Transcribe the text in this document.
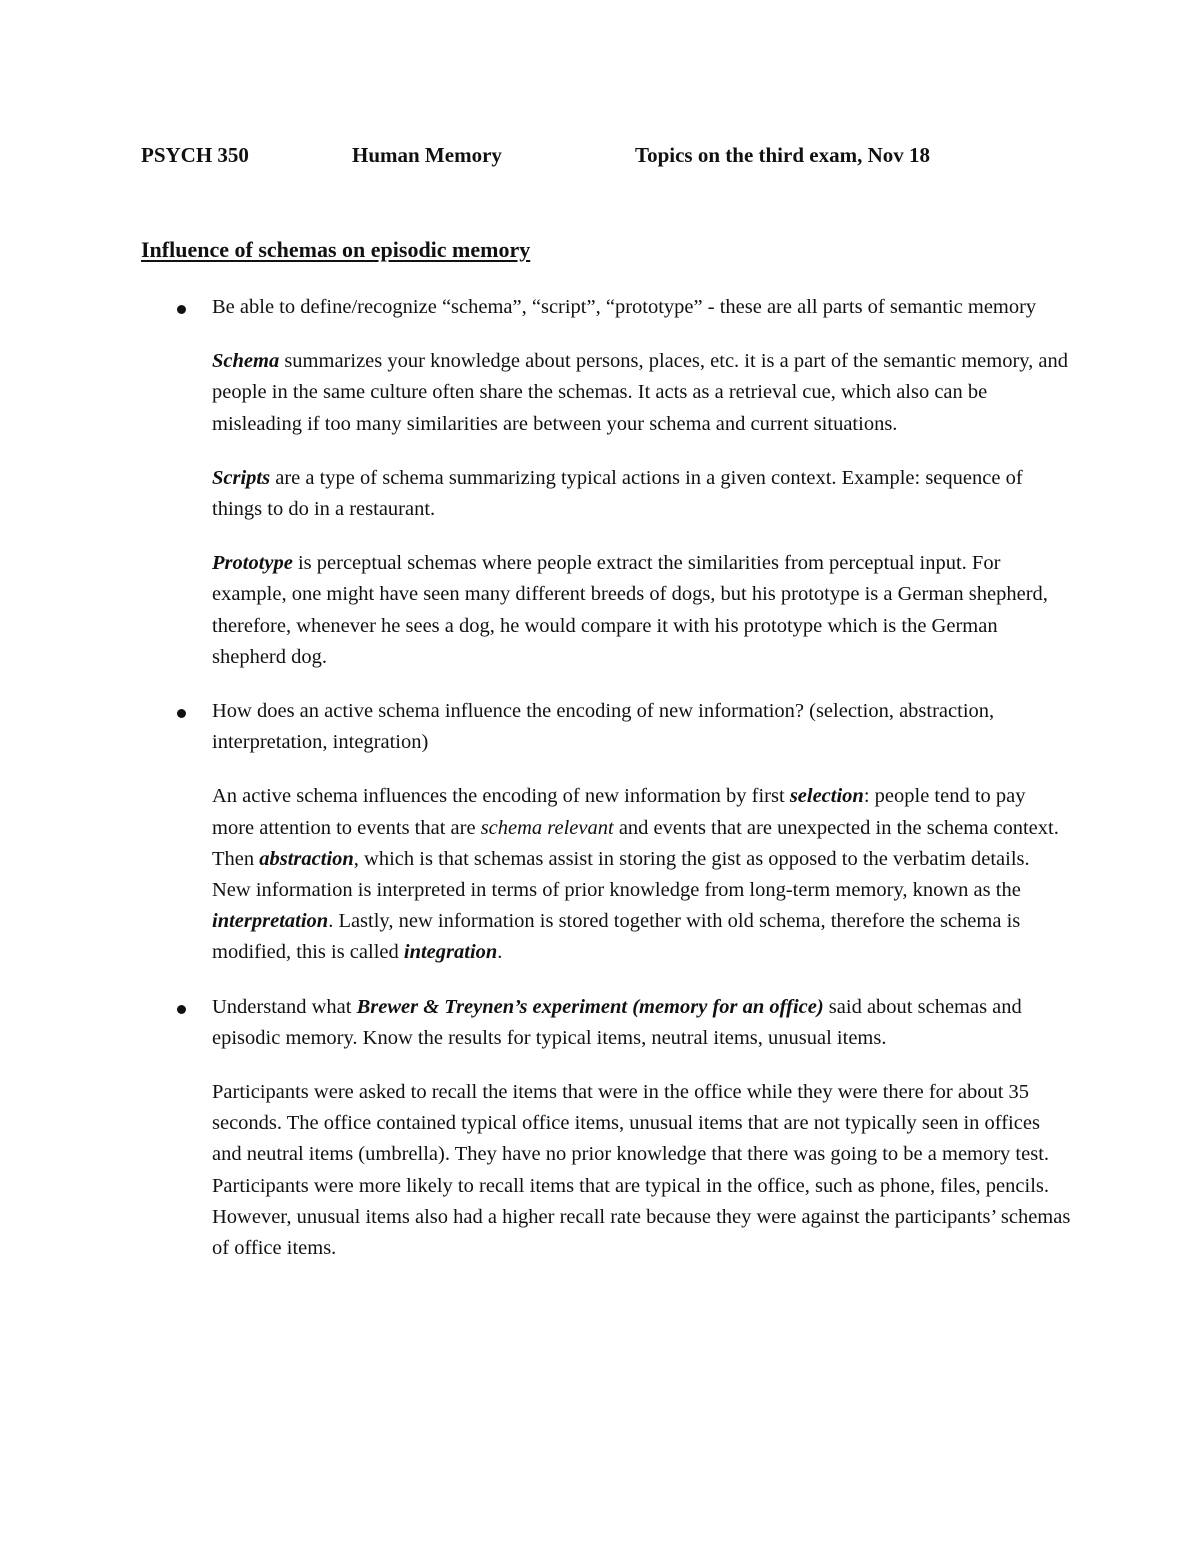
PSYCH 350	Human Memory	Topics on the third exam, Nov 18
Influence of schemas on episodic memory

Be able to define/recognize “schema”, “script”, “prototype” - these are all parts of semantic memory

Schema summarizes your knowledge about persons, places, etc. it is a part of the semantic memory, and people in the same culture often share the schemas. It acts as a retrieval cue, which also can be misleading if too many similarities are between your schema and current situations.

Scripts are a type of schema summarizing typical actions in a given context. Example: sequence of things to do in a restaurant.

Prototype is perceptual schemas where people extract the similarities from perceptual input. For example, one might have seen many different breeds of dogs, but his prototype is a German shepherd, therefore, whenever he sees a dog, he would compare it with his prototype which is the German shepherd dog.

How does an active schema influence the encoding of new information? (selection, abstraction, interpretation, integration)

An active schema influences the encoding of new information by first selection: people tend to pay more attention to events that are schema relevant and events that are unexpected in the schema context. Then abstraction, which is that schemas assist in storing the gist as opposed to the verbatim details. New information is interpreted in terms of prior knowledge from long-term memory, known as the interpretation. Lastly, new information is stored together with old schema, therefore the schema is modified, this is called integration.

Understand what Brewer & Treynen’s experiment (memory for an office) said about schemas and episodic memory. Know the results for typical items, neutral items, unusual items.

Participants were asked to recall the items that were in the office while they were there for about 35 seconds. The office contained typical office items, unusual items that are not typically seen in offices and neutral items (umbrella). They have no prior knowledge that there was going to be a memory test. Participants were more likely to recall items that are typical in the office, such as phone, files, pencils. However, unusual items also had a higher recall rate because they were against the participants’ schemas of office items.
